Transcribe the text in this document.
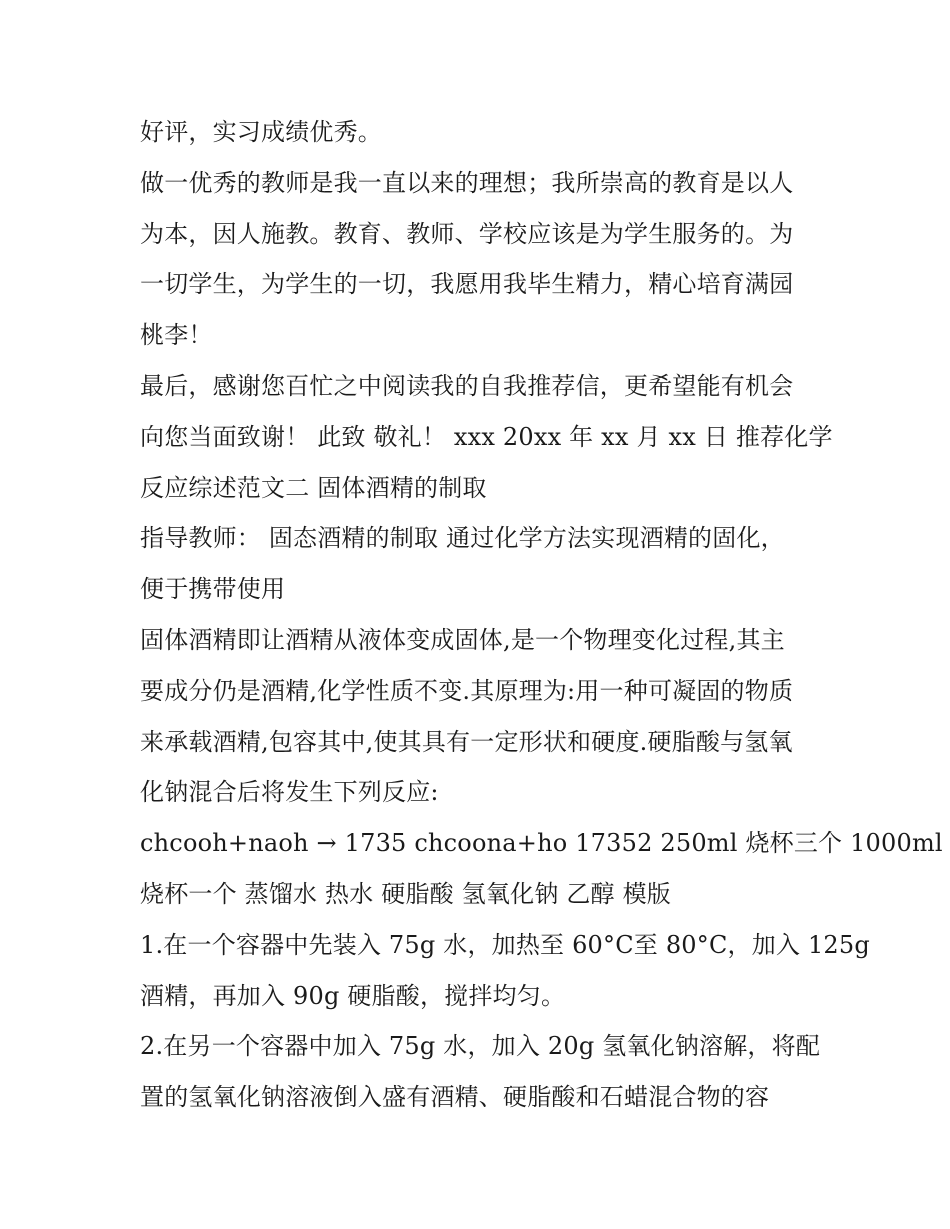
好评，实习成绩优秀。
做一优秀的教师是我一直以来的理想；我所崇高的教育是以人
为本，因人施教。教育、教师、学校应该是为学生服务的。为
一切学生，为学生的一切，我愿用我毕生精力，精心培育满园
桃李！
最后，感谢您百忙之中阅读我的自我推荐信，更希望能有机会
向您当面致谢！ 此致 敬礼！ xxx 20xx 年 xx 月 xx 日 推荐化学
反应综述范文二 固体酒精的制取
指导教师： 固态酒精的制取 通过化学方法实现酒精的固化，
便于携带使用
固体酒精即让酒精从液体变成固体,是一个物理变化过程,其主
要成分仍是酒精,化学性质不变.其原理为:用一种可凝固的物质
来承载酒精,包容其中,使其具有一定形状和硬度.硬脂酸与氢氧
化钠混合后将发生下列反应:
chcooh+naoh → 1735 chcoona+ho 17352 250ml 烧杯三个 1000ml
烧杯一个 蒸馏水 热水 硬脂酸 氢氧化钠 乙醇 模版
1.在一个容器中先装入 75g 水，加热至 60°C至 80°C，加入 125g
酒精，再加入 90g 硬脂酸，搅拌均匀。
2.在另一个容器中加入 75g 水，加入 20g 氢氧化钠溶解，将配
置的氢氧化钠溶液倒入盛有酒精、硬脂酸和石蜡混合物的容
